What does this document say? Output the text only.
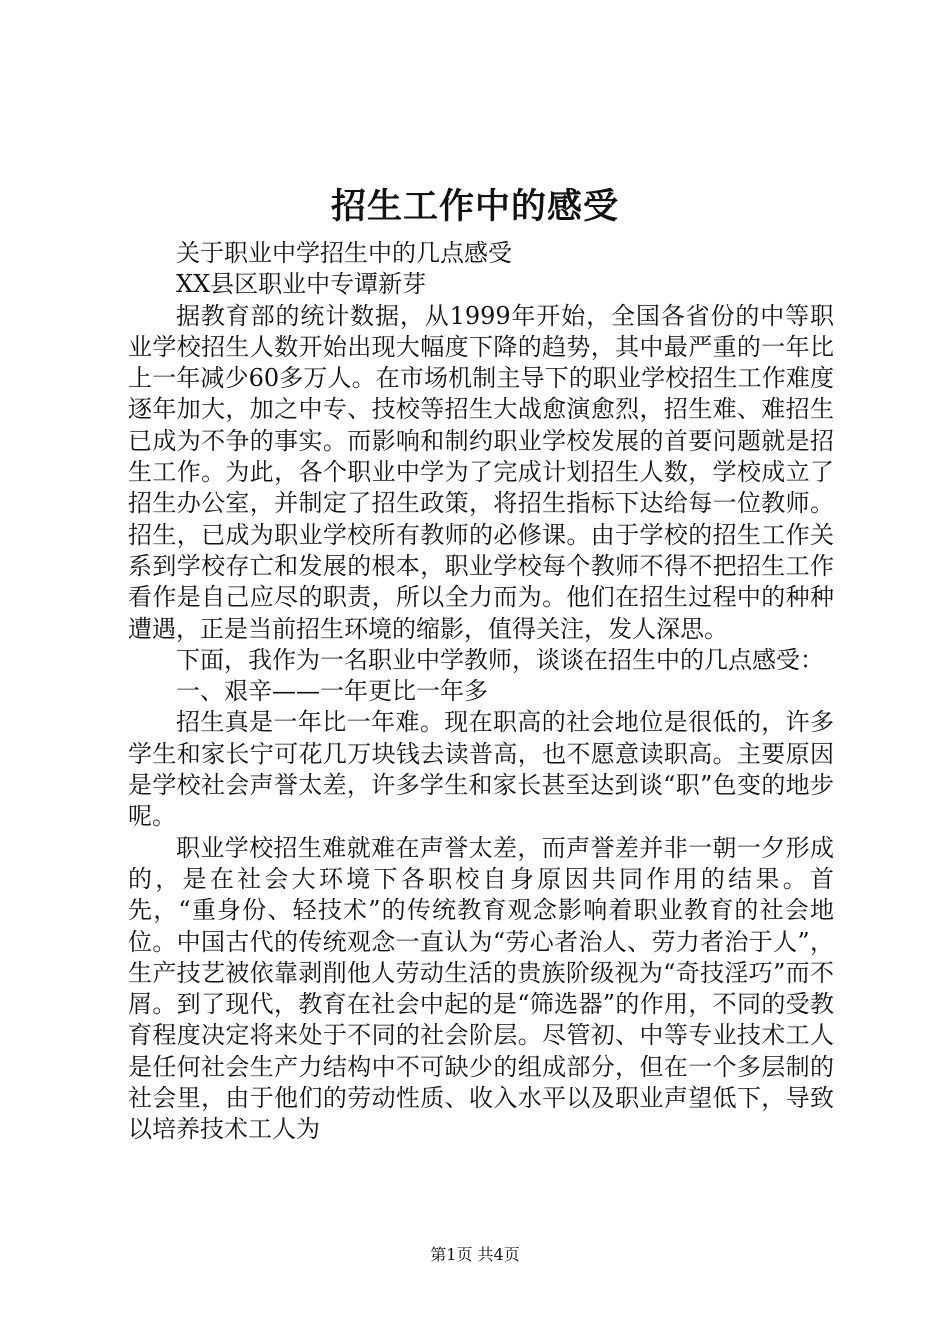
招生工作中的感受

关于职业中学招生中的几点感受

XX县区职业中专谭新芽

据教育部的统计数据，从1999年开始，全国各省份的中等职业学校招生人数开始出现大幅度下降的趋势，其中最严重的一年比上一年减少60多万人。在市场机制主导下的职业学校招生工作难度逐年加大，加之中专、技校等招生大战愈演愈烈，招生难、难招生已成为不争的事实。而影响和制约职业学校发展的首要问题就是招生工作。为此，各个职业中学为了完成计划招生人数，学校成立了招生办公室，并制定了招生政策，将招生指标下达给每一位教师。招生，已成为职业学校所有教师的必修课。由于学校的招生工作关系到学校存亡和发展的根本，职业学校每个教师不得不把招生工作看作是自己应尽的职责，所以全力而为。他们在招生过程中的种种遭遇，正是当前招生环境的缩影，值得关注，发人深思。

下面，我作为一名职业中学教师，谈谈在招生中的几点感受：

一、艰辛——一年更比一年多

招生真是一年比一年难。现在职高的社会地位是很低的，许多学生和家长宁可花几万块钱去读普高，也不愿意读职高。主要原因是学校社会声誉太差，许多学生和家长甚至达到谈“职”色变的地步呢。

职业学校招生难就难在声誉太差，而声誉差并非一朝一夕形成的，是在社会大环境下各职校自身原因共同作用的结果。首先，“重身份、轻技术”的传统教育观念影响着职业教育的社会地位。中国古代的传统观念一直认为“劳心者治人、劳力者治于人”，生产技艺被依靠剥削他人劳动生活的贵族阶级视为“奇技淫巧”而不屑。到了现代，教育在社会中起的是“筛选器”的作用，不同的受教育程度决定将来处于不同的社会阶层。尽管初、中等专业技术工人是任何社会生产力结构中不可缺少的组成部分，但在一个多层制的社会里，由于他们的劳动性质、收入水平以及职业声望低下，导致以培养技术工人为

第1页 共4页
